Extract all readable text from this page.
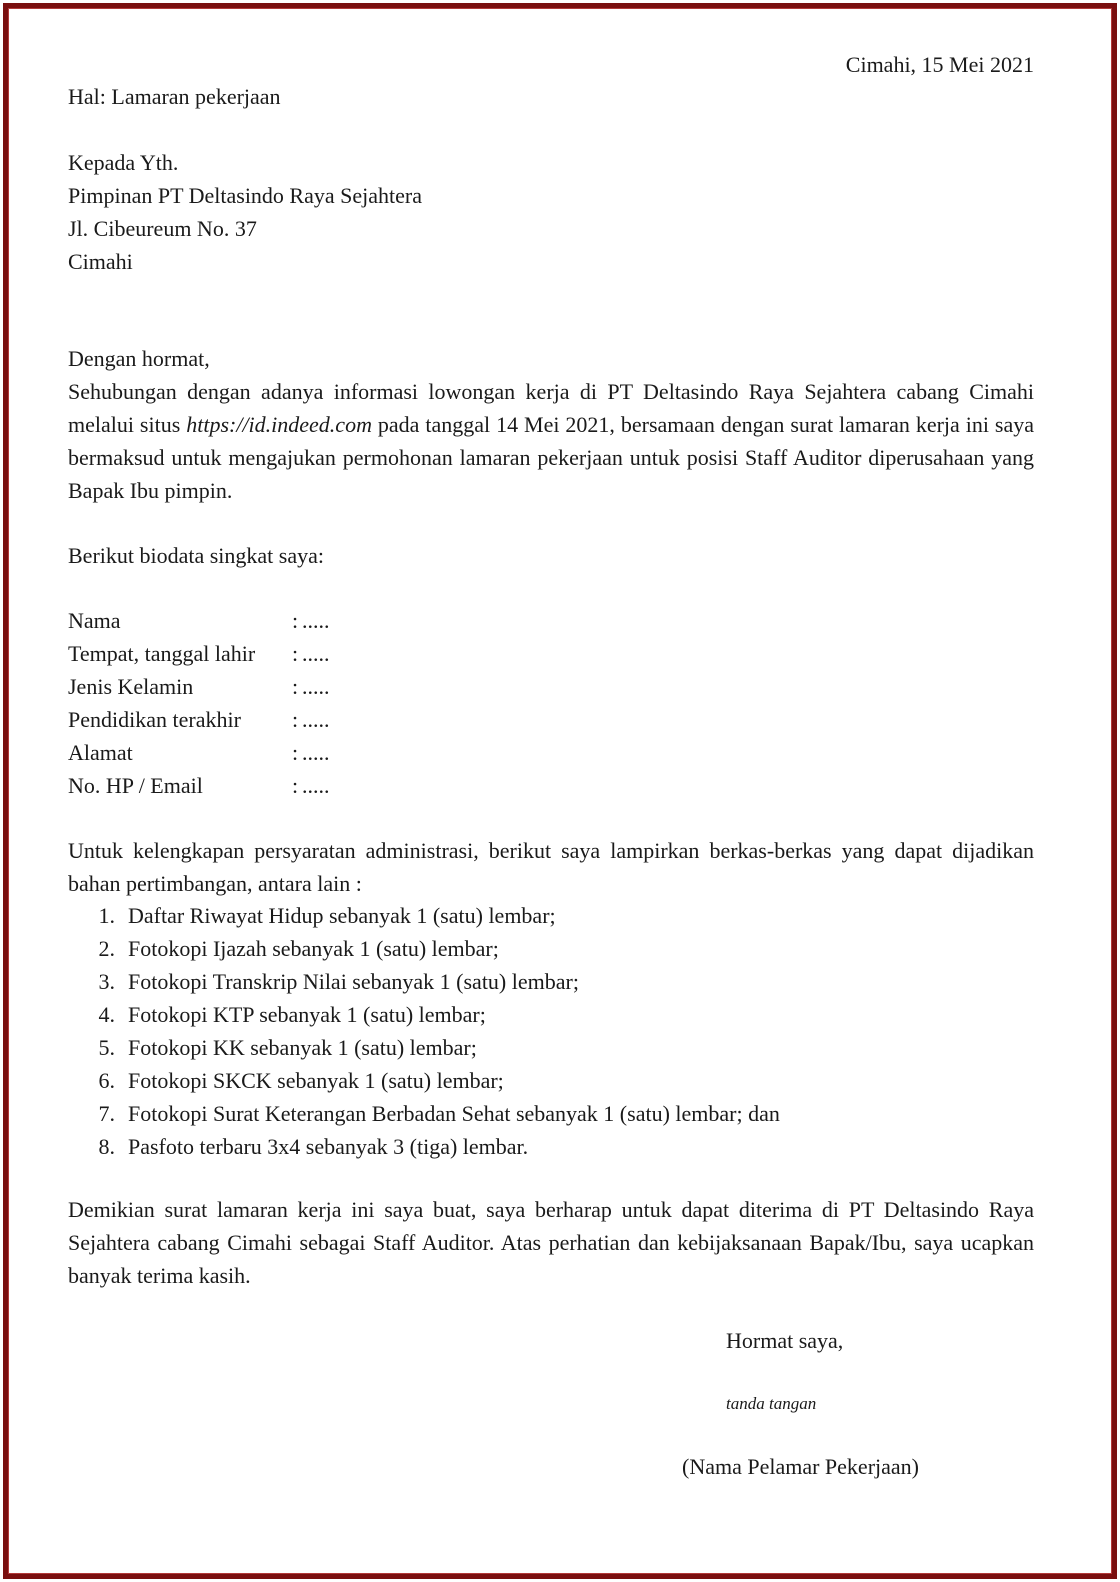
Cimahi, 15 Mei 2021
Hal: Lamaran pekerjaan
Kepada Yth.
Pimpinan PT Deltasindo Raya Sejahtera
Jl. Cibeureum No. 37
Cimahi
Dengan hormat,
Sehubungan dengan adanya informasi lowongan kerja di PT Deltasindo Raya Sejahtera cabang Cimahi melalui situs https://id.indeed.com pada tanggal 14 Mei 2021, bersamaan dengan surat lamaran kerja ini saya bermaksud untuk mengajukan permohonan lamaran pekerjaan untuk posisi Staff Auditor diperusahaan yang Bapak Ibu pimpin.
Berikut biodata singkat saya:
Nama	:	.....
Tempat, tanggal lahir	:	.....
Jenis Kelamin	:	.....
Pendidikan terakhir	:	.....
Alamat	:	.....
No. HP / Email	:	.....
Untuk kelengkapan persyaratan administrasi, berikut saya lampirkan berkas-berkas yang dapat dijadikan bahan pertimbangan, antara lain :
1. Daftar Riwayat Hidup sebanyak 1 (satu) lembar;
2. Fotokopi Ijazah sebanyak 1 (satu) lembar;
3. Fotokopi Transkrip Nilai sebanyak 1 (satu) lembar;
4. Fotokopi KTP sebanyak 1 (satu) lembar;
5. Fotokopi KK sebanyak 1 (satu) lembar;
6. Fotokopi SKCK sebanyak 1 (satu) lembar;
7. Fotokopi Surat Keterangan Berbadan Sehat sebanyak 1 (satu) lembar; dan
8. Pasfoto terbaru 3x4 sebanyak 3 (tiga) lembar.
Demikian surat lamaran kerja ini saya buat, saya berharap untuk dapat diterima di PT Deltasindo Raya Sejahtera cabang Cimahi sebagai Staff Auditor. Atas perhatian dan kebijaksanaan Bapak/Ibu, saya ucapkan banyak terima kasih.
Hormat saya,
tanda tangan
(Nama Pelamar Pekerjaan)
